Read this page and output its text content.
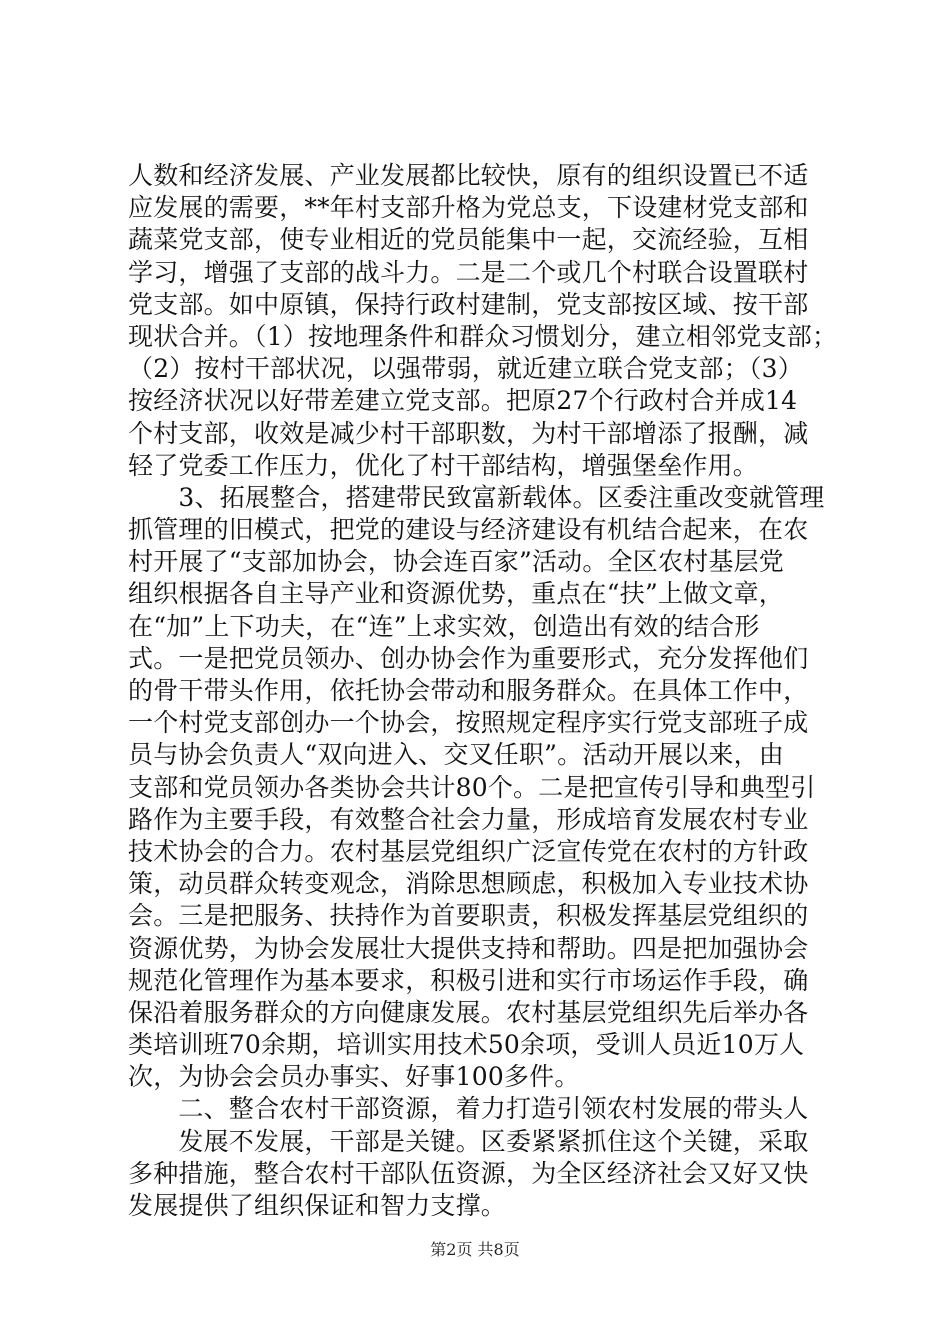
人数和经济发展、产业发展都比较快，原有的组织设置已不适
应发展的需要，**年村支部升格为党总支，下设建材党支部和
蔬菜党支部，使专业相近的党员能集中一起，交流经验，互相
学习，增强了支部的战斗力。二是二个或几个村联合设置联村
党支部。如中原镇，保持行政村建制，党支部按区域、按干部
现状合并。（1）按地理条件和群众习惯划分，建立相邻党支部；
（2）按村干部状况，以强带弱，就近建立联合党支部；（3）
按经济状况以好带差建立党支部。把原27个行政村合并成14
个村支部，收效是减少村干部职数，为村干部增添了报酬，减
轻了党委工作压力，优化了村干部结构，增强堡垒作用。
　　3、拓展整合，搭建带民致富新载体。区委注重改变就管理
抓管理的旧模式，把党的建设与经济建设有机结合起来，在农
村开展了“支部加协会，协会连百家”活动。全区农村基层党
组织根据各自主导产业和资源优势，重点在“扶”上做文章，
在“加”上下功夫，在“连”上求实效，创造出有效的结合形
式。一是把党员领办、创办协会作为重要形式，充分发挥他们
的骨干带头作用，依托协会带动和服务群众。在具体工作中，
一个村党支部创办一个协会，按照规定程序实行党支部班子成
员与协会负责人“双向进入、交叉任职”。活动开展以来，由
支部和党员领办各类协会共计80个。二是把宣传引导和典型引
路作为主要手段，有效整合社会力量，形成培育发展农村专业
技术协会的合力。农村基层党组织广泛宣传党在农村的方针政
策，动员群众转变观念，消除思想顾虑，积极加入专业技术协
会。三是把服务、扶持作为首要职责，积极发挥基层党组织的
资源优势，为协会发展壮大提供支持和帮助。四是把加强协会
规范化管理作为基本要求，积极引进和实行市场运作手段，确
保沿着服务群众的方向健康发展。农村基层党组织先后举办各
类培训班70余期，培训实用技术50余项，受训人员近10万人
次，为协会会员办事实、好事100多件。
　　二、整合农村干部资源，着力打造引领农村发展的带头人
　　发展不发展，干部是关键。区委紧紧抓住这个关键，采取
多种措施，整合农村干部队伍资源，为全区经济社会又好又快
发展提供了组织保证和智力支撑。
第2页 共8页
